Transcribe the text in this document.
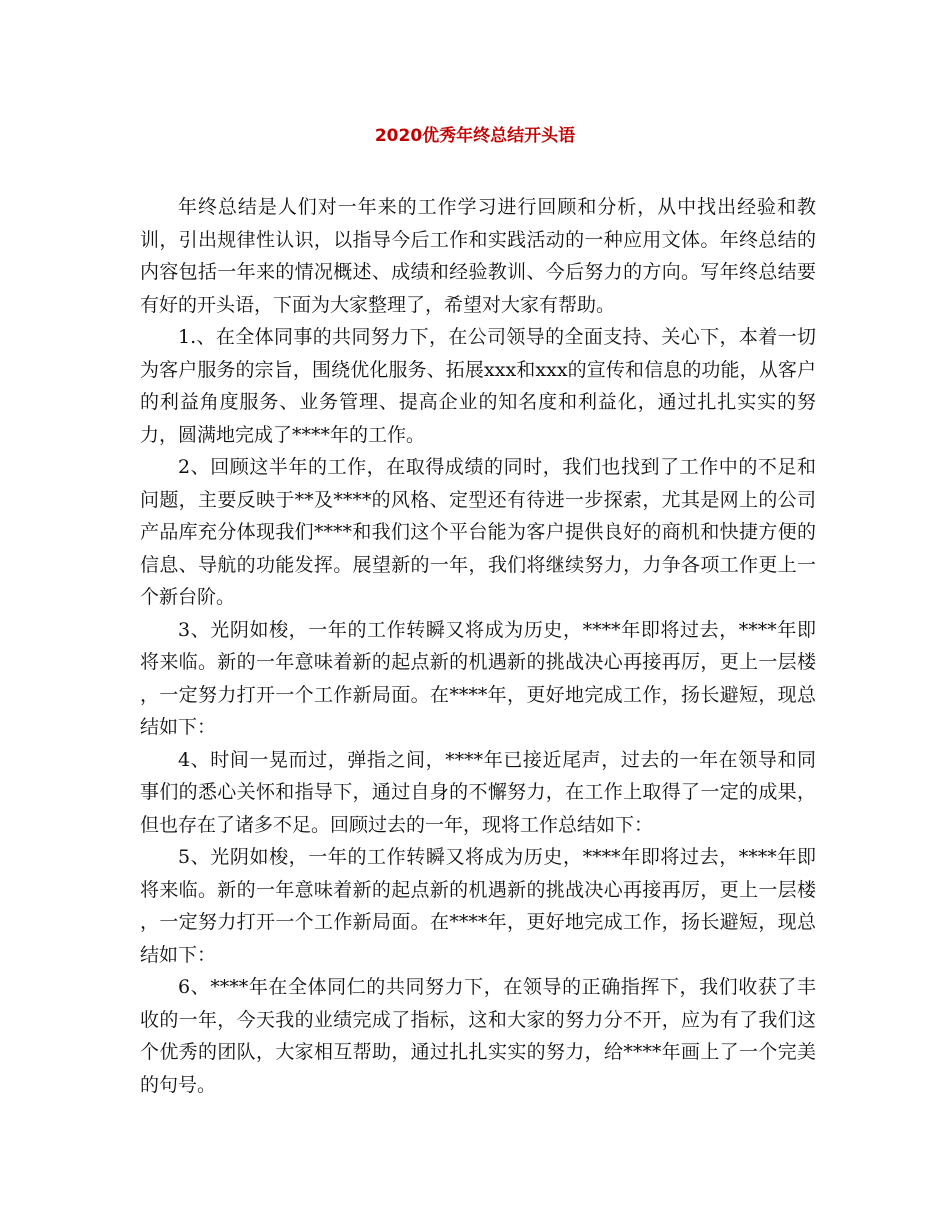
2020优秀年终总结开头语

年终总结是人们对一年来的工作学习进行回顾和分析，从中找出经验和教训，引出规律性认识，以指导今后工作和实践活动的一种应用文体。年终总结的内容包括一年来的情况概述、成绩和经验教训、今后努力的方向。写年终总结要有好的开头语，下面为大家整理了，希望对大家有帮助。

1.、在全体同事的共同努力下，在公司领导的全面支持、关心下，本着一切为客户服务的宗旨，围绕优化服务、拓展xxx和xxx的宣传和信息的功能，从客户的利益角度服务、业务管理、提高企业的知名度和利益化，通过扎扎实实的努力，圆满地完成了****年的工作。

2、回顾这半年的工作，在取得成绩的同时，我们也找到了工作中的不足和问题，主要反映于**及****的风格、定型还有待进一步探索，尤其是网上的公司产品库充分体现我们****和我们这个平台能为客户提供良好的商机和快捷方便的信息、导航的功能发挥。展望新的一年，我们将继续努力，力争各项工作更上一个新台阶。

3、光阴如梭，一年的工作转瞬又将成为历史，****年即将过去，****年即将来临。新的一年意味着新的起点新的机遇新的挑战决心再接再厉，更上一层楼 ，一定努力打开一个工作新局面。在****年，更好地完成工作，扬长避短，现总结如下：

4、时间一晃而过，弹指之间，****年已接近尾声，过去的一年在领导和同事们的悉心关怀和指导下，通过自身的不懈努力，在工作上取得了一定的成果，但也存在了诸多不足。回顾过去的一年，现将工作总结如下：

5、光阴如梭，一年的工作转瞬又将成为历史，****年即将过去，****年即将来临。新的一年意味着新的起点新的机遇新的挑战决心再接再厉，更上一层楼 ，一定努力打开一个工作新局面。在****年，更好地完成工作，扬长避短，现总结如下：

6、****年在全体同仁的共同努力下，在领导的正确指挥下，我们收获了丰收的一年，今天我的业绩完成了指标，这和大家的努力分不开，应为有了我们这个优秀的团队，大家相互帮助，通过扎扎实实的努力，给****年画上了一个完美的句号。
